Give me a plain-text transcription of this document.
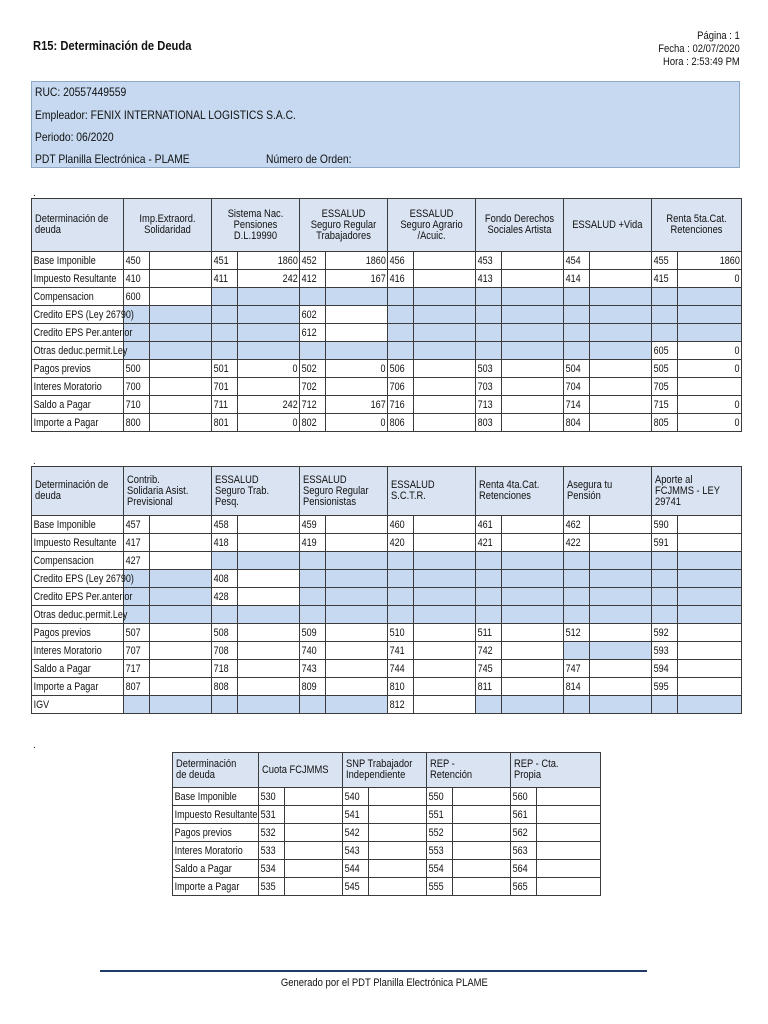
R15: Determinación de Deuda
Página : 1
Fecha : 02/07/2020
Hora : 2:53:49 PM
RUC: 20557449559
Empleador: FENIX INTERNATIONAL LOGISTICS S.A.C.
Periodo: 06/2020
PDT Planilla Electrónica - PLAME	Número de Orden:
.
Determinación de deuda	Imp.Extraord. Solidaridad		Sistema Nac. Pensiones D.L.19990		ESSALUD Seguro Regular Trabajadores		ESSALUD Seguro Agrario /Acuic.		Fondo Derechos Sociales Artista		ESSALUD +Vida		Renta 5ta.Cat. Retenciones	
Base Imponible	450		451	1860	452	1860	456		453		454		455	1860
Impuesto Resultante	410		411	242	412	167	416		413		414		415	0
Compensacion	600													
Credito EPS (Ley 26790)					602									
Credito EPS Per.anterior					612									
Otras deduc.permit.Ley													605	0
Pagos previos	500		501	0	502	0	506		503		504		505	0
Interes Moratorio	700		701		702		706		703		704		705	
Saldo a Pagar	710		711	242	712	167	716		713		714		715	0
Importe a Pagar	800		801	0	802	0	806		803		804		805	0
.
Determinación de deuda	Contrib. Solidaria Asist. Previsional		ESSALUD Seguro Trab. Pesq.		ESSALUD Seguro Regular Pensionistas		ESSALUD S.C.T.R.		Renta 4ta.Cat. Retenciones		Asegura tu Pensión		Aporte al FCJMMS - LEY 29741	
Base Imponible	457		458		459		460		461		462		590	
Impuesto Resultante	417		418		419		420		421		422		591	
Compensacion	427													
Credito EPS (Ley 26790)			408											
Credito EPS Per.anterior			428											
Otras deduc.permit.Ley														
Pagos previos	507		508		509		510		511		512		592	
Interes Moratorio	707		708		740		741		742				593	
Saldo a Pagar	717		718		743		744		745		747		594	
Importe a Pagar	807		808		809		810		811		814		595	
IGV							812							
.
Determinación de deuda	Cuota FCJMMS		SNP Trabajador Independiente		REP - Retención		REP - Cta. Propia	
Base Imponible	530		540		550		560	
Impuesto Resultante	531		541		551		561	
Pagos previos	532		542		552		562	
Interes Moratorio	533		543		553		563	
Saldo a Pagar	534		544		554		564	
Importe a Pagar	535		545		555		565	
Generado por el PDT Planilla Electrónica PLAME
